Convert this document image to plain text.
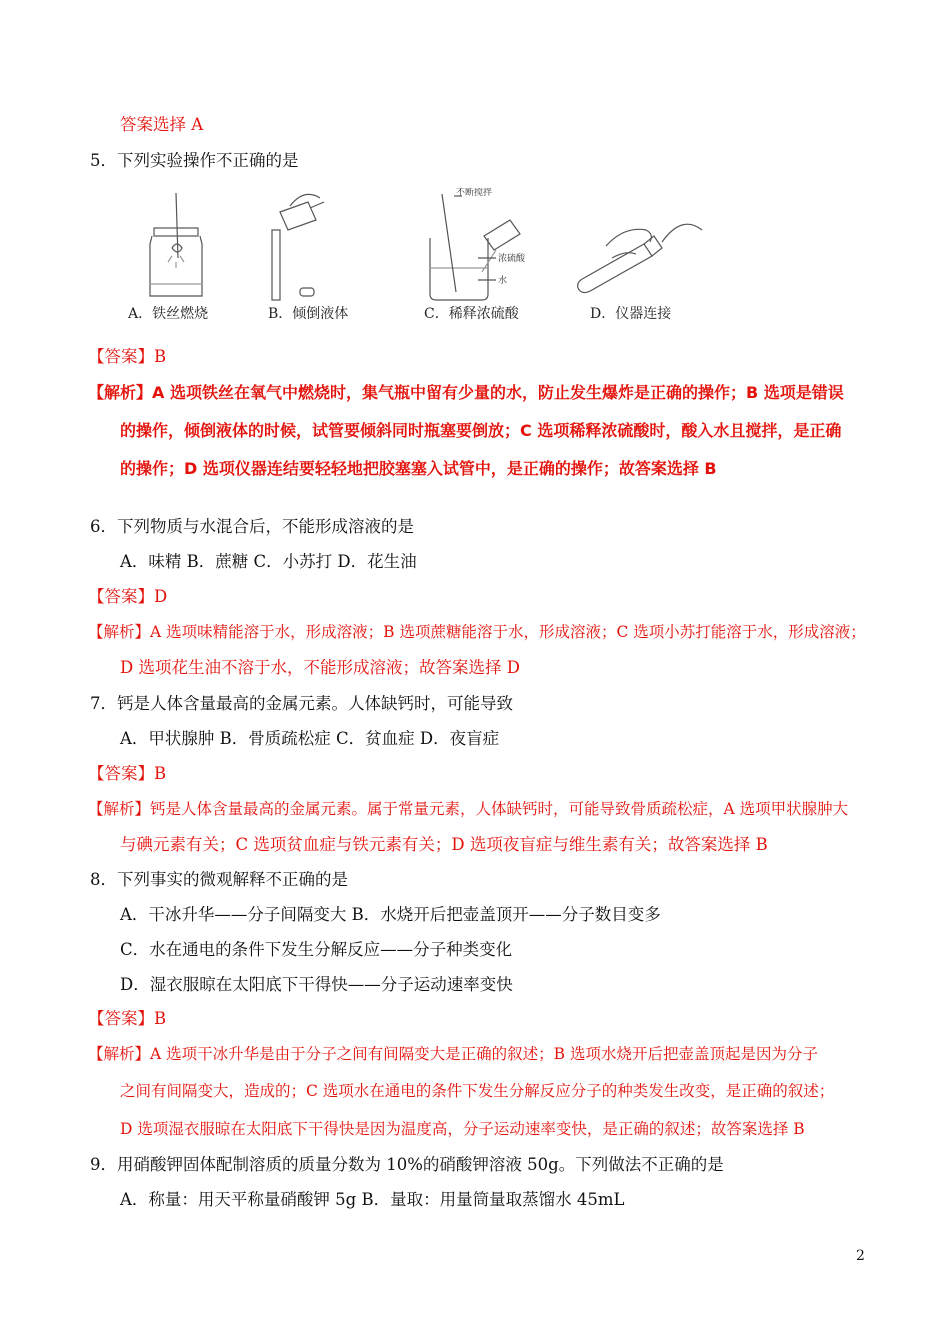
答案选择 A
5．下列实验操作不正确的是
不断搅拌
浓硫酸
水
A．铁丝燃烧	B．倾倒液体	C．稀释浓硫酸	D．仪器连接
【答案】B
【解析】A 选项铁丝在氧气中燃烧时，集气瓶中留有少量的水，防止发生爆炸是正确的操作；B 选项是错误
的操作，倾倒液体的时候，试管要倾斜同时瓶塞要倒放；C 选项稀释浓硫酸时，酸入水且搅拌，是正确
的操作；D 选项仪器连结要轻轻地把胶塞塞入试管中，是正确的操作；故答案选择 B
6．下列物质与水混合后，不能形成溶液的是
A．味精 B．蔗糖 C．小苏打 D．花生油
【答案】D
【解析】A 选项味精能溶于水，形成溶液；B 选项蔗糖能溶于水，形成溶液；C 选项小苏打能溶于水，形成溶液；
D 选项花生油不溶于水，不能形成溶液；故答案选择 D
7．钙是人体含量最高的金属元素。人体缺钙时，可能导致
A．甲状腺肿 B．骨质疏松症 C．贫血症 D．夜盲症
【答案】B
【解析】钙是人体含量最高的金属元素。属于常量元素，人体缺钙时，可能导致骨质疏松症，A 选项甲状腺肿大
与碘元素有关；C 选项贫血症与铁元素有关；D 选项夜盲症与维生素有关；故答案选择 B
8．下列事实的微观解释不正确的是
A．干冰升华——分子间隔变大 B．水烧开后把壶盖顶开——分子数目变多
C．水在通电的条件下发生分解反应——分子种类变化
D．湿衣服晾在太阳底下干得快——分子运动速率变快
【答案】B
【解析】A 选项干冰升华是由于分子之间有间隔变大是正确的叙述；B 选项水烧开后把壶盖顶起是因为分子
之间有间隔变大，造成的；C 选项水在通电的条件下发生分解反应分子的种类发生改变，是正确的叙述；
D 选项湿衣服晾在太阳底下干得快是因为温度高，分子运动速率变快，是正确的叙述；故答案选择 B
9．用硝酸钾固体配制溶质的质量分数为 10%的硝酸钾溶液 50g。下列做法不正确的是
A．称量：用天平称量硝酸钾 5g B．量取：用量筒量取蒸馏水 45mL
2
